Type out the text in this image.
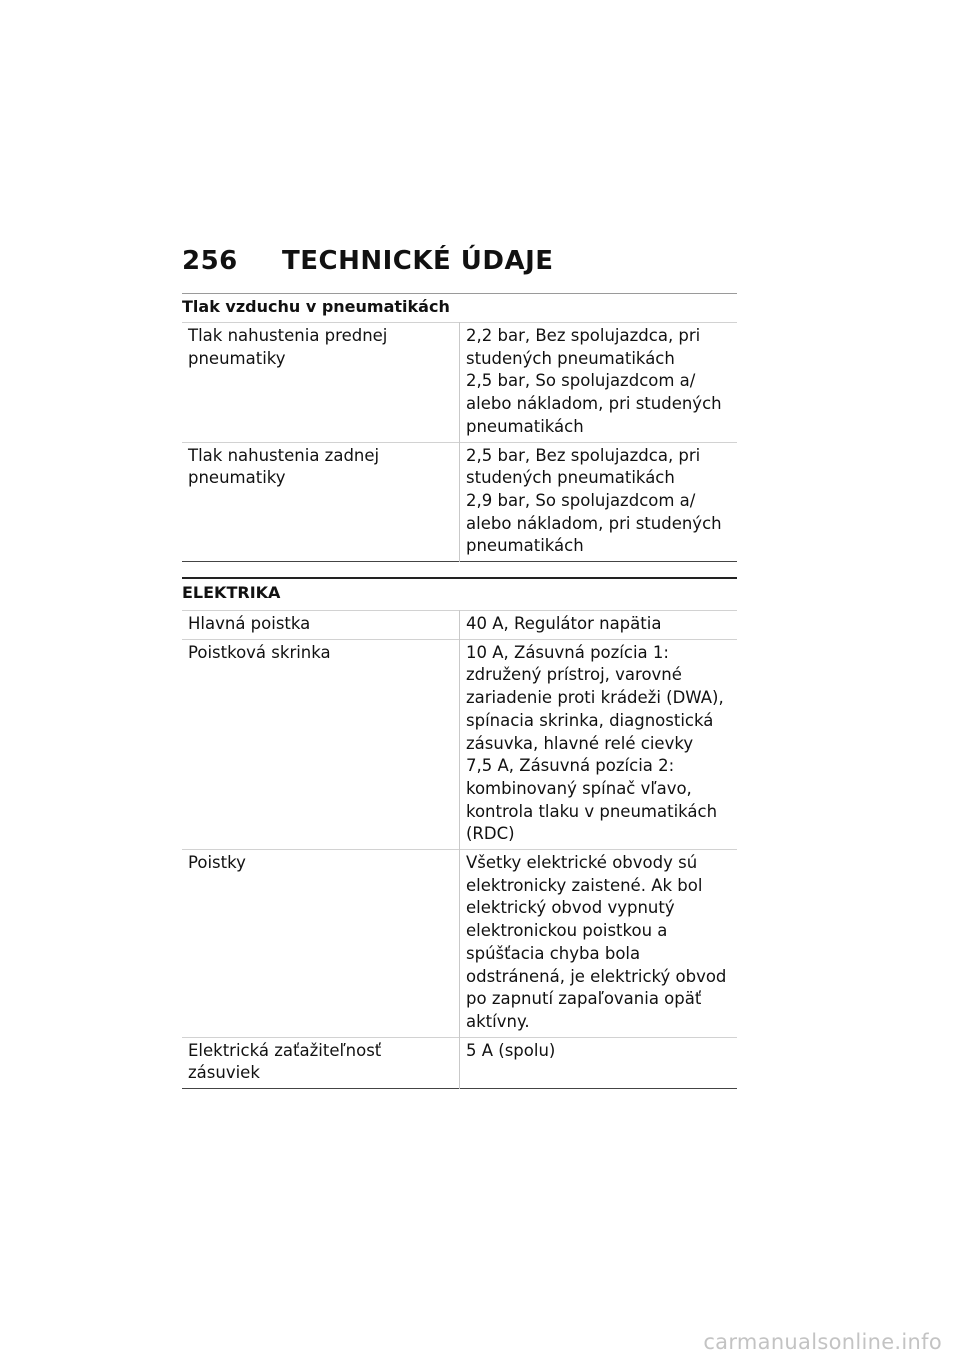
256 TECHNICKÉ ÚDAJE
Tlak vzduchu v pneumatikách
Tlak nahustenia prednej pneumatiky	2,2 bar, Bez spolujazdca, pri studených pneumatikách
2,5 bar, So spolujazdcom a/ alebo nákladom, pri studených pneumatikách

Tlak nahustenia zadnej pneumatiky	2,5 bar, Bez spolujazdca, pri studených pneumatikách
2,9 bar, So spolujazdcom a/ alebo nákladom, pri studených pneumatikách
ELEKTRIKA
Hlavná poistka	40 A, Regulátor napätia

Poistková skrinka	10 A, Zásuvná pozícia 1: združený prístroj, varovné zariadenie proti krádeži (DWA), spínacia skrinka, diagnostická zásuvka, hlavné relé cievky
7,5 A, Zásuvná pozícia 2: kombinovaný spínač vľavo, kontrola tlaku v pneumatikách (RDC)

Poistky	Všetky elektrické obvody sú elektronicky zaistené. Ak bol elektrický obvod vypnutý elektronickou poistkou a spúšťacia chyba bola odstránená, je elektrický obvod po zapnutí zapaľovania opäť aktívny.

Elektrická zaťažiteľnosť zásuviek	5 A (spolu)
carmanualsonline.info
